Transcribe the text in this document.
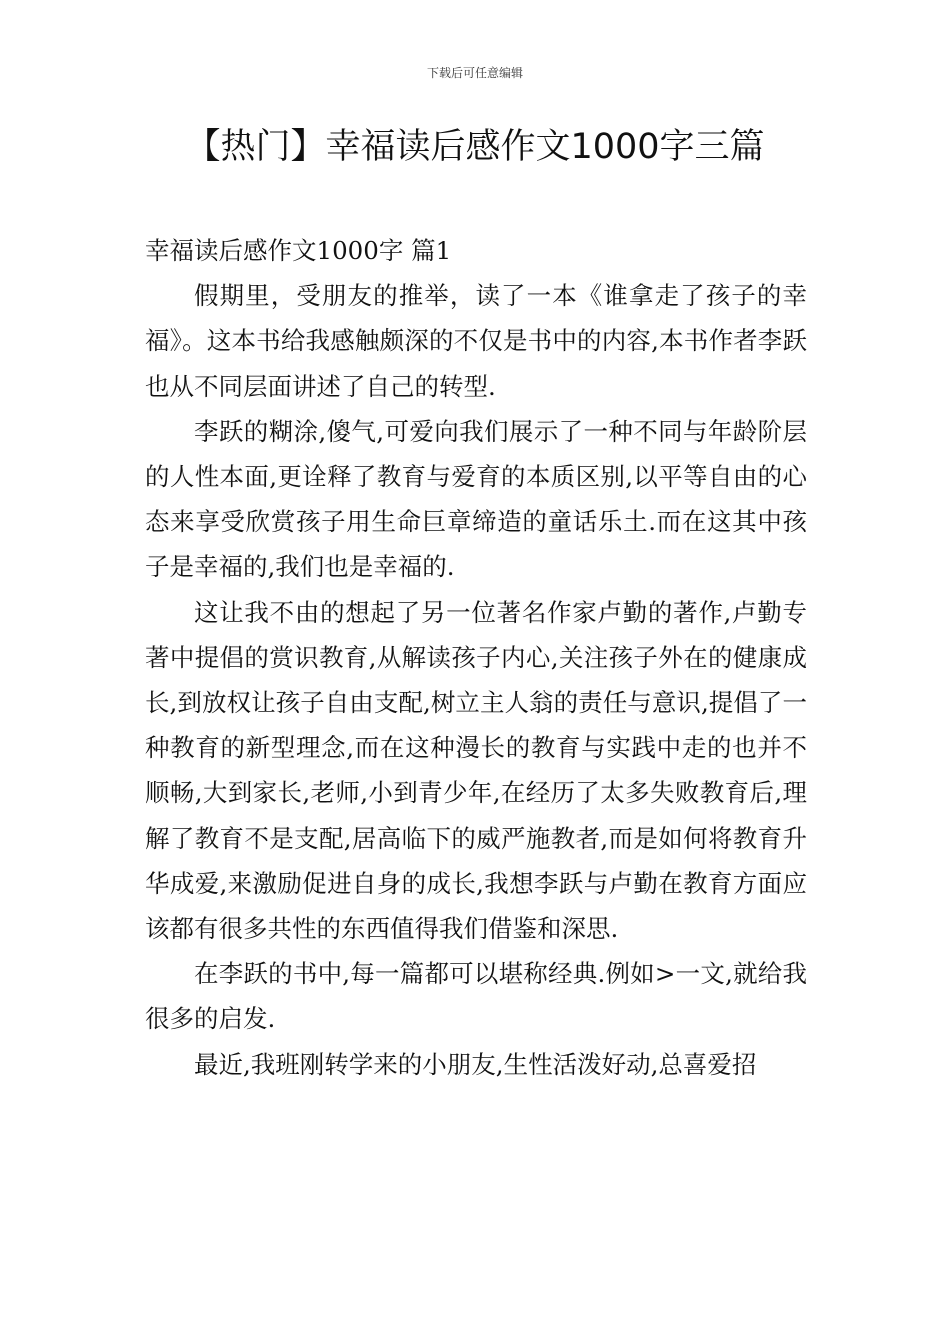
下载后可任意编辑
【热门】幸福读后感作文1000字三篇

幸福读后感作文1000字 篇1

假期里，受朋友的推举，读了一本《谁拿走了孩子的幸福》。这本书给我感触颇深的不仅是书中的内容,本书作者李跃也从不同层面讲述了自己的转型.

李跃的糊涂,傻气,可爱向我们展示了一种不同与年龄阶层的人性本面,更诠释了教育与爱育的本质区别,以平等自由的心态来享受欣赏孩子用生命巨章缔造的童话乐土.而在这其中孩子是幸福的,我们也是幸福的.

这让我不由的想起了另一位著名作家卢勤的著作,卢勤专著中提倡的赏识教育,从解读孩子内心,关注孩子外在的健康成长,到放权让孩子自由支配,树立主人翁的责任与意识,提倡了一种教育的新型理念,而在这种漫长的教育与实践中走的也并不顺畅,大到家长,老师,小到青少年,在经历了太多失败教育后,理解了教育不是支配,居高临下的威严施教者,而是如何将教育升华成爱,来激励促进自身的成长,我想李跃与卢勤在教育方面应该都有很多共性的东西值得我们借鉴和深思.

在李跃的书中,每一篇都可以堪称经典.例如>一文,就给我很多的启发.

最近,我班刚转学来的小朋友,生性活泼好动,总喜爱招
